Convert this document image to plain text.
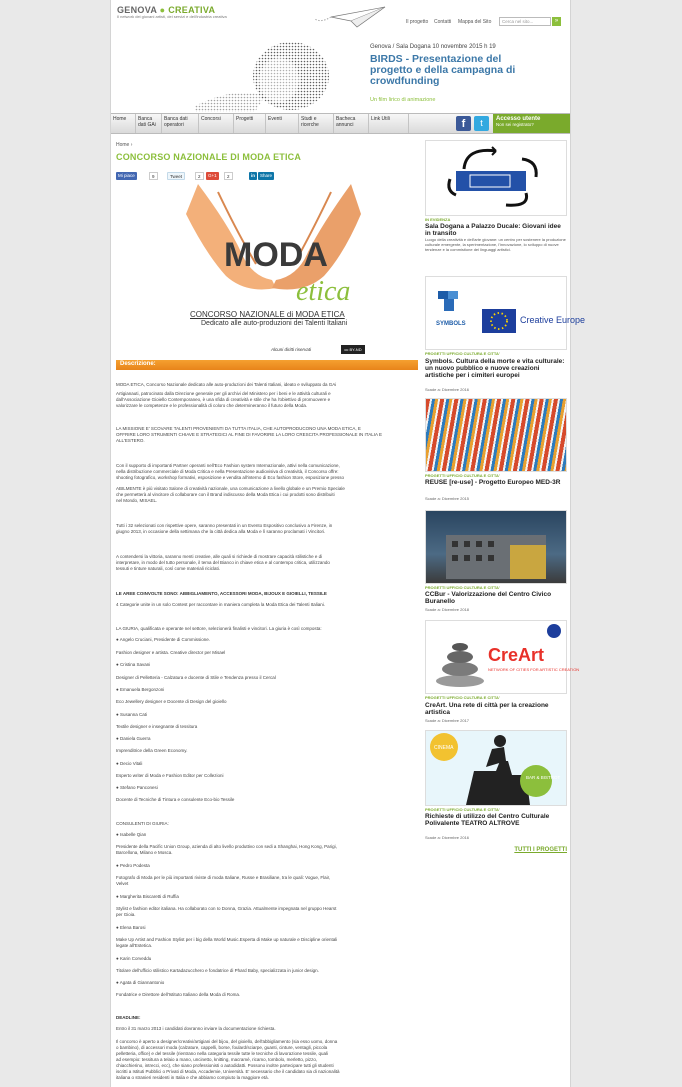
GENOVA ● CREATIVA
Il network dei giovani artisti, dei servizi e dell'industria creativa
Il progetto Contatti Mappa del Sito	Cerca nel sito...	»
Genova / Sala Dogana 10 novembre 2015 h 19
BIRDS - Presentazione del progetto e della campagna di crowdfunding
Un film lirico di animazione
Home	Banca dati GAi
Banca dati operatori
Concorsi	Progetti	Eventi	Studi e ricerche
Bacheca annunci
Link Utili	f	t	Accesso utente
Non sei registrato?
Home ›
CONCORSO NAZIONALE DI MODA ETICA
Mi piace	9	Tweet	2	G+1	2	in	Share
MODA
etica
CONCORSO NAZIONALE di MODA ETICA
Dedicato alle auto-produzioni dei Talenti Italiani
Alcuni diritti riservati	cc BY-ND
Descrizione:
MODA ETICA, Concorso Nazionale dedicato alle auto-produzioni dei Talenti Italiani, ideato e sviluppato da GAi
Artigianauti, patrocinato dalla Direzione generale per gli archivi del Ministero per i beni e le attività culturali e
dall'Associazione Gioiello Contemporaneo, è una sfida di creatività e stile che ha l'obiettivo di promuovere e
valorizzare le competenze e le professionalità di coloro che determineranno il futuro della Moda.
LA MISSIONE E' SCOVARE TALENTI PROVENIENTI DA TUTTA ITALIA, CHE AUTOPRODUCONO UNA MODA ETICA, E
OFFRIRE LORO STRUMENTI CHIAVE E STRATEGICI AL FINE DI FAVORIRE LA LORO CRESCITA PROFESSIONALE IN ITALIA E
ALL'ESTERO.
Con il supporto di importanti Partner operanti nell'Eco Fashion system Internazionale, attivi nella comunicazione,
nella distribuzione commerciale di Moda Critica e nella Presentazione audiovisiva di creatività, il Concorso offre:
shooting fotografico, workshop formativi, esposizione e vendita all'interno di Eco fashion Store, esposizione presso
ABILMENTE è più visitato Salone di creatività nazionale, una comunicazione a livello globale e un Premio Speciale
che permetterà al vincitore di collaborare con il Brand indiscusso della Moda Etica i cui prodotti sono distribuiti
nel Mondo, MISAEL.
Tutti i 32 selezionati con rispettive opere, saranno presentati in un Evento Espositivo conclusivo a Firenze, in
giugno 2013, in occasione della settimana che la città dedica alla Moda e lì saranno proclamati i Vincitori.
A contendersi la vittoria, saranno menti creative, alle quali si richiede di mostrare capacità stilistiche e di
interpretare, in modo del tutto personale, il tema del Bianco in chiave etica e al contempo critica, utilizzando
tessuti e tinture naturali, così come materiali riciclati.
LE AREE COINVOLTE SONO: ABBIGLIAMENTO, ACCESSORI MODA, BIJOUX E GIOIELLI, TESSILE
4 Categorie unite in un solo Contest per raccontare in maniera completa la Moda Etica dei Talenti Italiani.
LA GIURIA, qualificata e operante nel settore, selezionerà finalisti e vincitori. La giuria è così composta:
● Angelo Cruciani, Presidente di Commissione.
Fashion designer e artista. Creative director per Misael
● Cristina Savani
Designer di Pelletteria - Calzatura e docente di Stile e Tendenza presso il Cercal
● Emanuela Bergonzoni
Eco Jewellery designer e Docente di Design del gioiello
● Susanna Cati
Textile designer e insegnante di tessitura
● Daniela Guerra
Imprenditrice della Green Economy.
● Decio Vitali
Esperto writer di Moda e Fashion Editor per Collezioni
● Stefano Panconesi
Docente di Tecniche di Tintura e consulente Eco-bio Tessile
CONSULENTI DI GIURIA:
● Isabelle Qian
Presidente della Pacific Union Group, azienda di alto livello produttivo con sedi a Shanghai, Hong Kong, Parigi,
Barcellona, Milano e Mosca.
● Pedro Podesta
Fotografo di Moda per le più importanti riviste di moda Italiane, Russe e Brasiliane, tra le quali: Vogue, Flair,
Velvet
● Margherita Biscaretti di Ruffia
Stylist e fashion editor italiana. Ha collaborato con Io Donna, Grazia. Attualmente impegnata nel gruppo Hearst
per Gioia.
● Elena Barosi
Make Up Artist and Fashion Stylist per i big della World Music.Esperta di Make up naturale e Discipline orientali
legate all'Estetica.
● Karin Corveddu
Titolare dell'ufficio stilistico Kartadazucchero e fondatrice di Phard Baby, specializzata in junior design.
● Agata di Giannantonio
Fondatrice e Direttore dell'Istituto Italiano della Moda di Roma.
DEADLINE:
Entro il 31 marzo 2013 i candidati dovranno inviare la documentazione richiesta.
Il concorso è aperto a designer/creativi/artigiani del bijou, del gioiello, dell'abbigliamento (sia esso uomo, donna
o bambino), di accessori moda (calzature, cappelli, borse, foulard/sciarpe, guanti, cinture, ventagli, piccola
pelletteria, office) e del tessile (rientrano nella categoria tessile tutte le tecniche di lavorazione tessile, quali
ad esempio: tessitura a telaio a mano, uncinetto, knitting, macramè, ricamo, tombolo, merletto, pizzo,
chiacchierino, intrecci, ecc), che siano professionisti o autodidatti. Possono inoltre partecipare tutti gli studenti
iscritti a Istituti Pubblici o Privati di Moda, Accademie, Università. E' necessario che il candidato sia di nazionalità
italiana o stranieri residenti in Italia e che abbiamo compiuto la maggiore età.
IN EVIDENZA
Sala Dogana a Palazzo Ducale: Giovani idee in transito
Luogo della creatività e dell'arte giovane: un centro per sostenere la produzione culturale emergente, la sperimentazione, l'innovazione, lo sviluppo di nuove tendenze e la commistione dei linguaggi artistici.
SYMBOLS	Creative Europe
PROGETTI UFFICIO CULTURA E CITTA'
Symbols. Cultura della morte e vita culturale: un nuovo pubblico e nuove creazioni artistiche per i cimiteri europei
Scade a: Dicembre 2016
PROGETTI UFFICIO CULTURA E CITTA'
REUSE [re-use] - Progetto Europeo MED-3R
Scade a: Dicembre 2015
PROGETTI UFFICIO CULTURA E CITTA'
CCBur - Valorizzazione del Centro Civico Buranello
Scade a: Dicembre 2018
CreArt
NETWORK OF CITIES FOR ARTISTIC CREATION
PROGETTI UFFICIO CULTURA E CITTA'
CreArt. Una rete di città per la creazione artistica
Scade a: Dicembre 2017
CINEMA
BAR & BISTROT
PROGETTI UFFICIO CULTURA E CITTA'
Richieste di utilizzo del Centro Culturale Polivalente TEATRO ALTROVE
Scade a: Dicembre 2016
TUTTI I PROGETTI
